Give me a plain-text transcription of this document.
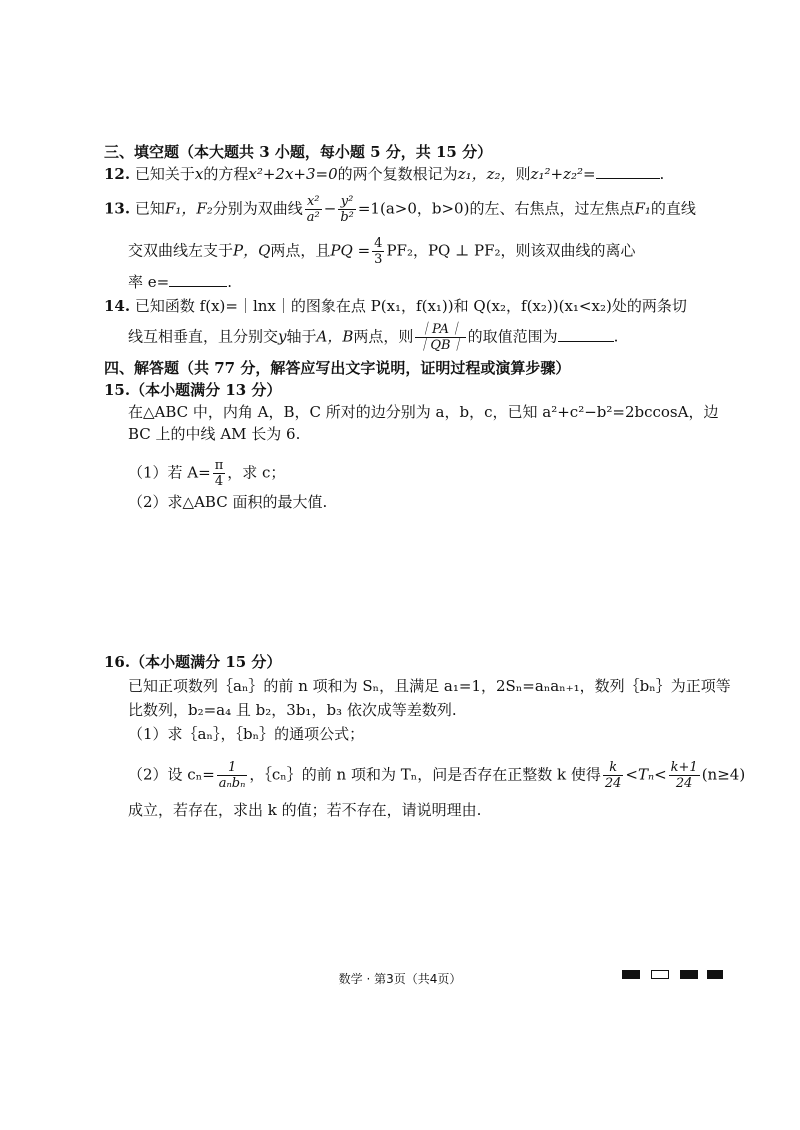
三、填空题（本大题共 3 小题，每小题 5 分，共 15 分）
12. 已知关于x的方程x²+2x+3=0的两个复数根记为z₁，z₂，则z₁²+z₂²=	.
13. 已知F₁，F₂分别为双曲线 $\frac{\text{x²}}{\text{a²}} - \frac{\text{y²}}{\text{b²}} =1(a>0$，b>0)的左、右焦点，过左焦点F₁的直线
交双曲线左支于P，Q两点，且PQ = $\frac{4}{3} PF_2$，PQ ⊥ PF₂，则该双曲线的离心
率 e=	.
14. 已知函数 f(x)=｜lnx｜的图象在点 P(x₁，f(x₁))和 Q(x₂，f(x₂))(x₁<x₂)处的两条切
线互相垂直，且分别交y轴于A，B两点，则 $\frac{|PA|}{|QB|}$ 的取值范围为	.
四、解答题（共 77 分，解答应写出文字说明，证明过程或演算步骤）
15.（本小题满分 13 分）
在△ABC 中，内角 A，B，C 所对的边分别为 a，b，c，已知 a²+c²−b²=2bccosA，边
BC 上的中线 AM 长为 6.
（1）若 $A= \frac{\pi}{4}$ ，求 c；
（2）求△ABC 面积的最大值.
16.（本小题满分 15 分）
已知正项数列｛aₙ｝的前 n 项和为 Sₙ，且满足 a₁=1，2Sₙ=aₙaₙ₊₁，数列｛bₙ｝为正项等
比数列，b₂=a₄ 且 b₂，3b₁，b₃ 依次成等差数列.
（1）求｛aₙ｝，｛bₙ｝的通项公式；
（2）设 $c_n= \frac{1}{\text{aₙbₙ}}$ ，｛cₙ｝的前 n 项和为 Tₙ，问是否存在正整数 k 使得 $\frac{k}{24} <T_n< \frac{k+1}{24} (n\ge 4)$
成立，若存在，求出 k 的值；若不存在，请说明理由.
数学 · 第3页（共4页）
